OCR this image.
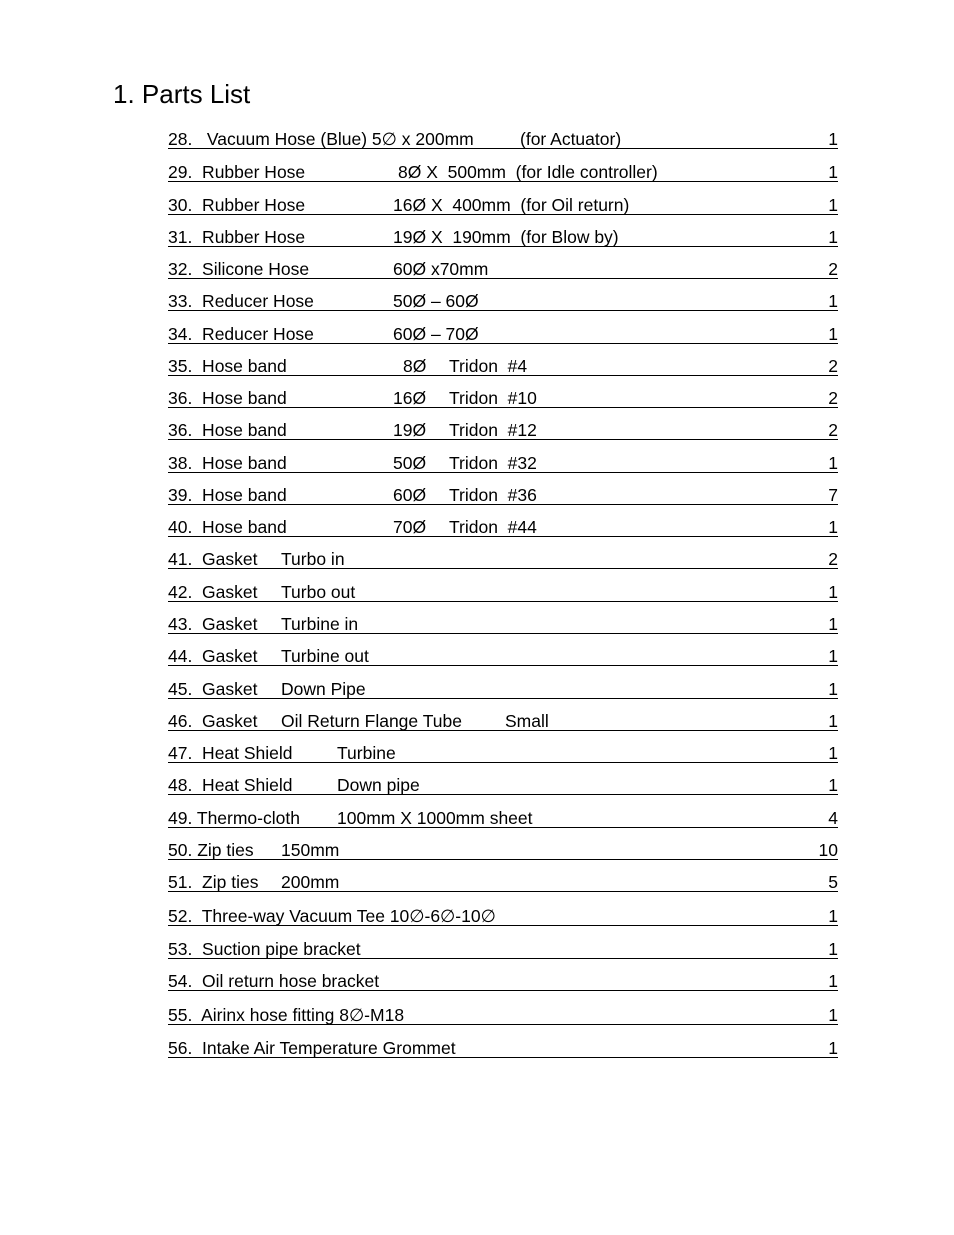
1. Parts List
28.   Vacuum Hose (Blue) 5∅ x 200mm	(for Actuator)	1
29.  Rubber Hose	8Ø X  500mm  (for Idle controller)	1
30.  Rubber Hose	16Ø X  400mm  (for Oil return)	1
31.  Rubber Hose	19Ø X  190mm  (for Blow by)	1
32.  Silicone Hose	60Ø x70mm	2
33.  Reducer Hose	50Ø – 60Ø	1
34.  Reducer Hose	60Ø – 70Ø	1
35.  Hose band	8Ø Tridon  #4	2
36.  Hose band	16Ø Tridon  #10	2
36.  Hose band	19Ø Tridon  #12	2
38.  Hose band	50Ø Tridon  #32	1
39.  Hose band	60Ø Tridon  #36	7
40.  Hose band	70Ø Tridon  #44	1
41.  Gasket Turbo in	2
42.  Gasket Turbo out	1
43.  Gasket Turbine in	1
44.  Gasket Turbine out	1
45.  Gasket Down Pipe	1
46.  Gasket Oil Return Flange Tube Small	1
47.  Heat Shield	Turbine	1
48.  Heat Shield	Down pipe	1
49. Thermo-cloth 100mm X 1000mm sheet	4
50. Zip ties 150mm	10
51.  Zip ties 200mm	5
52.  Three-way Vacuum Tee 10∅-6∅-10∅	1
53.  Suction pipe bracket	1
54.  Oil return hose bracket	1
55.  Airinx hose fitting 8∅-M18	1
56.  Intake Air Temperature Grommet	1
